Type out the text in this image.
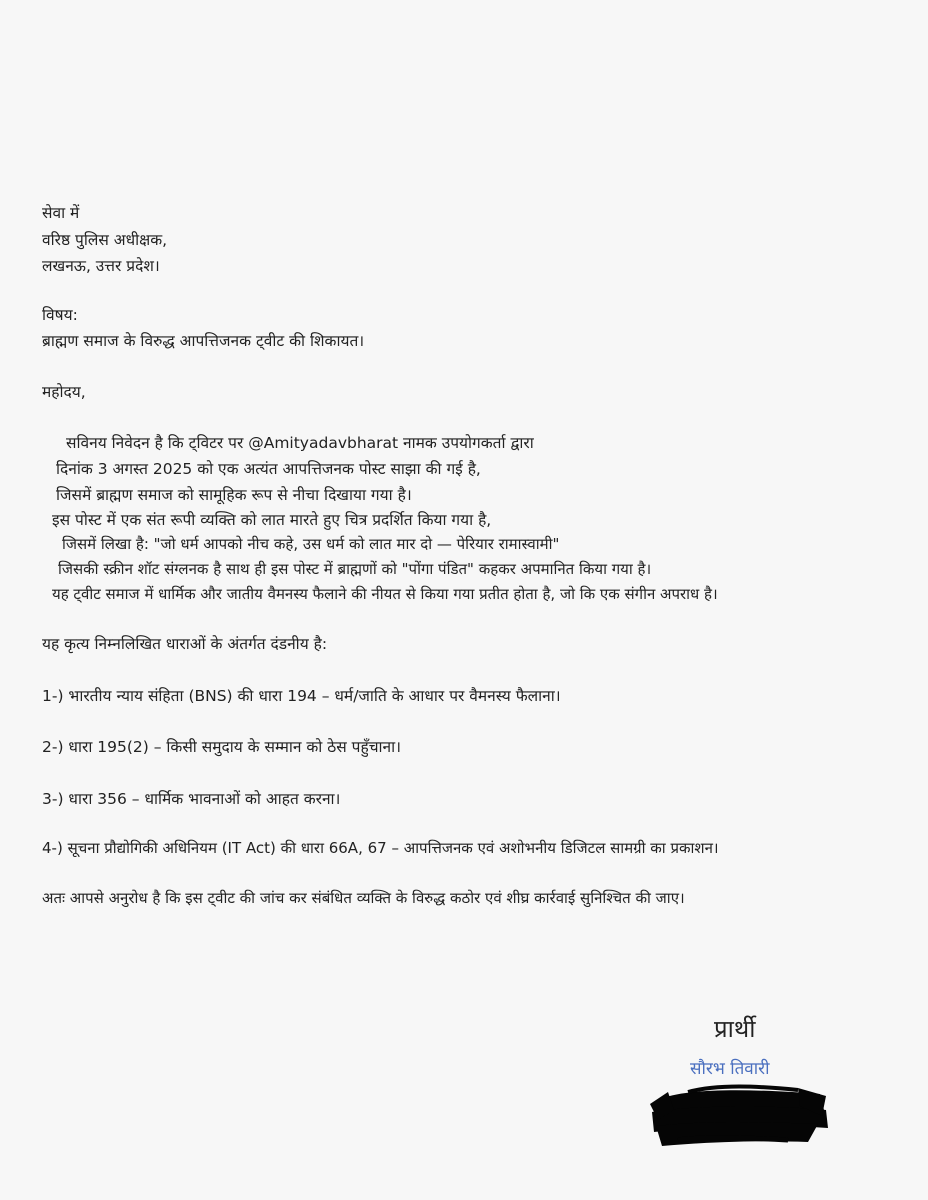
सेवा में
वरिष्ठ पुलिस अधीक्षक,
लखनऊ, उत्तर प्रदेश।
विषय:
ब्राह्मण समाज के विरुद्ध आपत्तिजनक ट्वीट की शिकायत।
महोदय,
सविनय निवेदन है कि ट्विटर पर @Amityadavbharat नामक उपयोगकर्ता द्वारा
दिनांक 3 अगस्त 2025 को एक अत्यंत आपत्तिजनक पोस्ट साझा की गई है,
जिसमें ब्राह्मण समाज को सामूहिक रूप से नीचा दिखाया गया है।
इस पोस्ट में एक संत रूपी व्यक्ति को लात मारते हुए चित्र प्रदर्शित किया गया है,
जिसमें लिखा है: "जो धर्म आपको नीच कहे, उस धर्म को लात मार दो — पेरियार रामास्वामी"
जिसकी स्क्रीन शॉट संग्लनक है साथ ही इस पोस्ट में ब्राह्मणों को "पोंगा पंडित" कहकर अपमानित किया गया है।
यह ट्वीट समाज में धार्मिक और जातीय वैमनस्य फैलाने की नीयत से किया गया प्रतीत होता है, जो कि एक संगीन अपराध है।
यह कृत्य निम्नलिखित धाराओं के अंतर्गत दंडनीय है:
1-) भारतीय न्याय संहिता (BNS) की धारा 194 – धर्म/जाति के आधार पर वैमनस्य फैलाना।
2-) धारा 195(2) – किसी समुदाय के सम्मान को ठेस पहुँचाना।
3-) धारा 356 – धार्मिक भावनाओं को आहत करना।
4-) सूचना प्रौद्योगिकी अधिनियम (IT Act) की धारा 66A, 67 – आपत्तिजनक एवं अशोभनीय डिजिटल सामग्री का प्रकाशन।
अतः आपसे अनुरोध है कि इस ट्वीट की जांच कर संबंधित व्यक्ति के विरुद्ध कठोर एवं शीघ्र कार्रवाई सुनिश्चित की जाए।
प्रार्थी
सौरभ तिवारी
